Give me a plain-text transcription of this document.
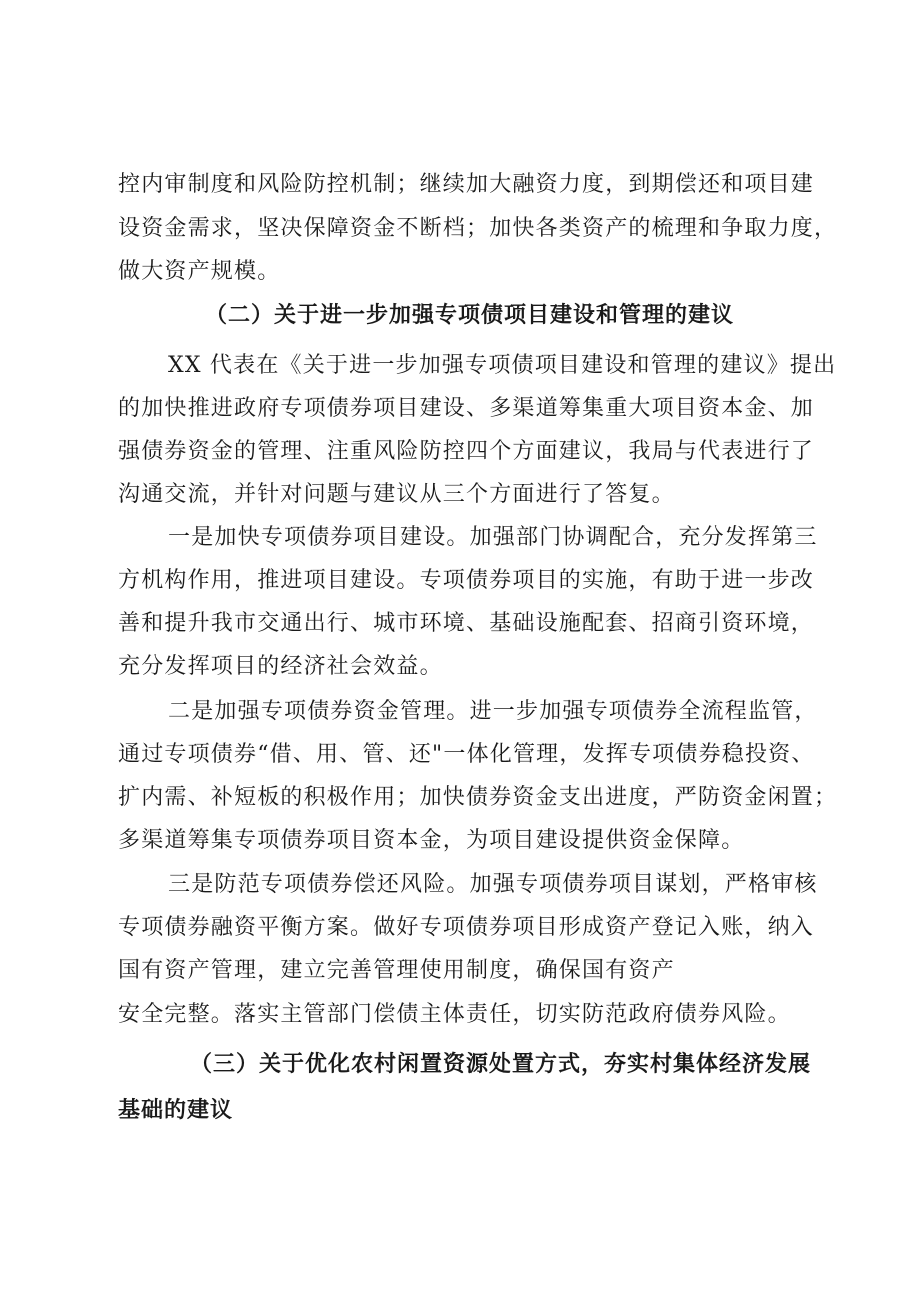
控内审制度和风险防控机制；继续加大融资力度，到期偿还和项目建
设资金需求，坚决保障资金不断档；加快各类资产的梳理和争取力度，
做大资产规模。
（二）关于进一步加强专项债项目建设和管理的建议
XX 代表在《关于进一步加强专项债项目建设和管理的建议》提出
的加快推进政府专项债券项目建设、多渠道筹集重大项目资本金、加
强债券资金的管理、注重风险防控四个方面建议，我局与代表进行了
沟通交流，并针对问题与建议从三个方面进行了答复。
一是加快专项债券项目建设。加强部门协调配合，充分发挥第三
方机构作用，推进项目建设。专项债券项目的实施，有助于进一步改
善和提升我市交通出行、城市环境、基础设施配套、招商引资环境，
充分发挥项目的经济社会效益。
二是加强专项债券资金管理。进一步加强专项债券全流程监管，
通过专项债券“借、用、管、还"一体化管理，发挥专项债券稳投资、
扩内需、补短板的积极作用；加快债券资金支出进度，严防资金闲置；
多渠道筹集专项债券项目资本金，为项目建设提供资金保障。
三是防范专项债券偿还风险。加强专项债券项目谋划，严格审核
专项债券融资平衡方案。做好专项债券项目形成资产登记入账，纳入
国有资产管理，建立完善管理使用制度，确保国有资产
安全完整。落实主管部门偿债主体责任，切实防范政府债券风险。
（三）关于优化农村闲置资源处置方式，夯实村集体经济发展
基础的建议
